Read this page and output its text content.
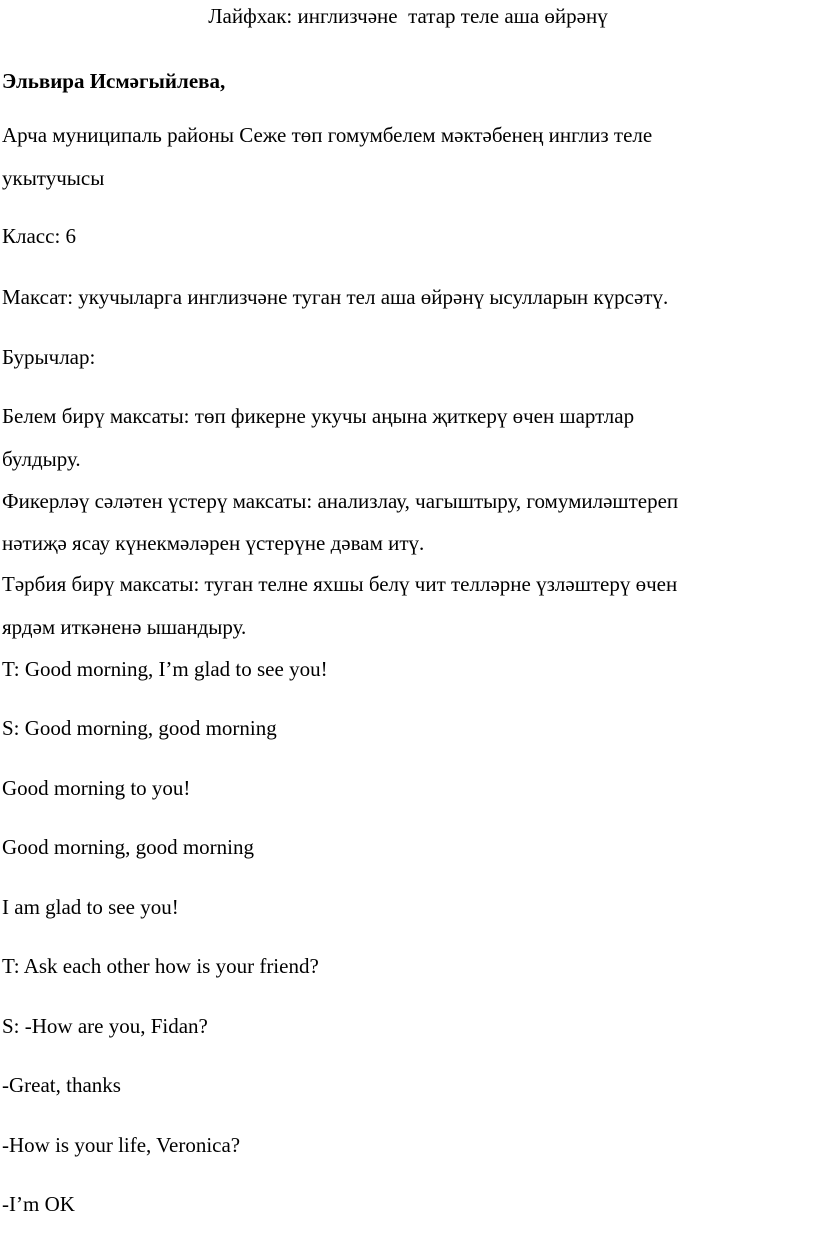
Лайфхак: инглизчәне  татар теле аша өйрәнү
Эльвира Исмәгыйлева,
Арча муниципаль районы Сеже төп гомумбелем мәктәбенең инглиз теле
укытучысы
Класс: 6
Максат: укучыларга инглизчәне туган тел аша өйрәнү ысулларын күрсәтү.
Бурычлар:
Белем бирү максаты: төп фикерне укучы аңына җиткерү өчен шартлар
булдыру.
Фикерләү сәләтен үстерү максаты: анализлау, чагыштыру, гомумиләштереп
нәтиҗә ясау күнекмәләрен үстерүне дәвам итү.
Тәрбия бирү максаты: туган телне яхшы белү чит телләрне үзләштерү өчен
ярдәм иткәненә ышандыру.
T: Good morning, I’m glad to see you!
S: Good morning, good morning
Good morning to you!
Good morning, good morning
I am glad to see you!
T: Ask each other how is your friend?
S: -How are you, Fidan?
-Great, thanks
-How is your life, Veronica?
-I’m OK
